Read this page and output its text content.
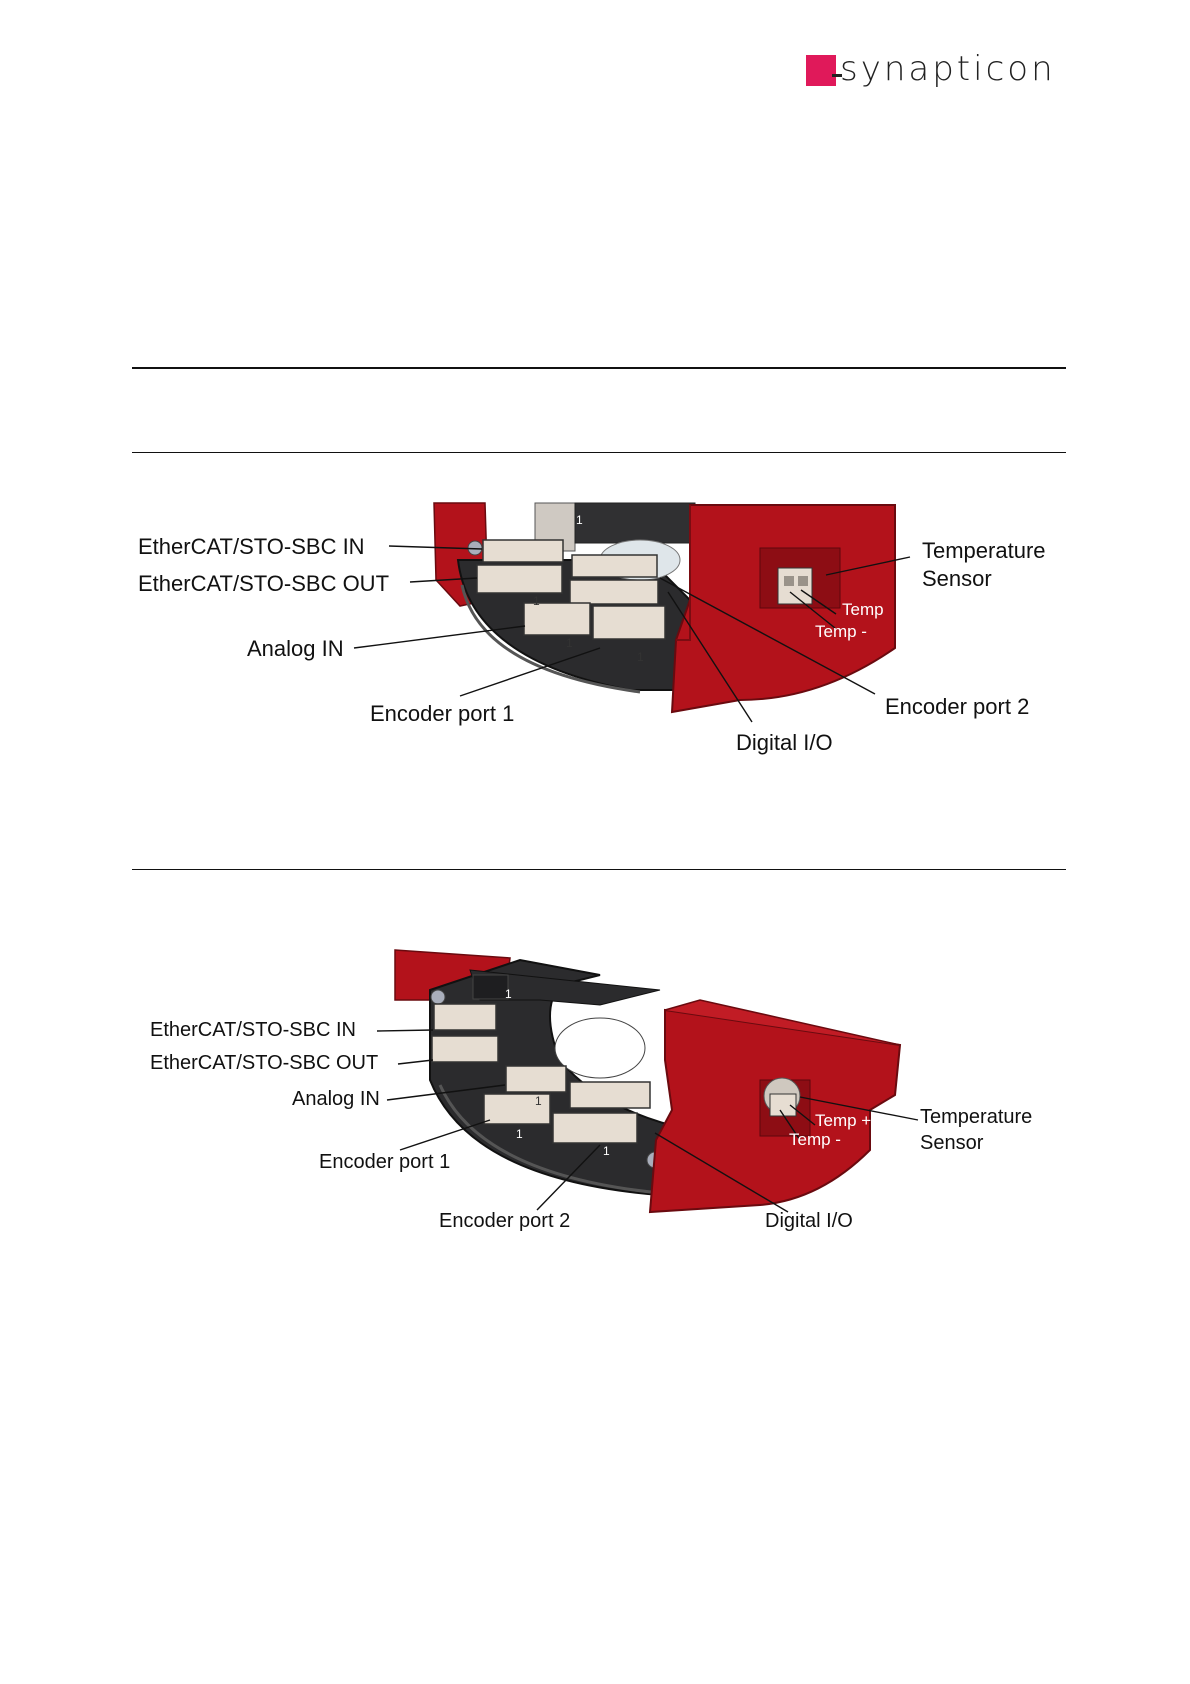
synapticon
EtherCAT/STO-SBC IN
EtherCAT/STO-SBC OUT
Analog IN
Encoder port 1
Digital I/O
Encoder port 2
Temperature
Sensor
Temp
Temp -
1
1
1
1
EtherCAT/STO-SBC IN
EtherCAT/STO-SBC OUT
Analog IN
Encoder port 1
Encoder port 2	Digital I/O
Temperature
Sensor
Temp +
Temp -
1
1
1
1
1
